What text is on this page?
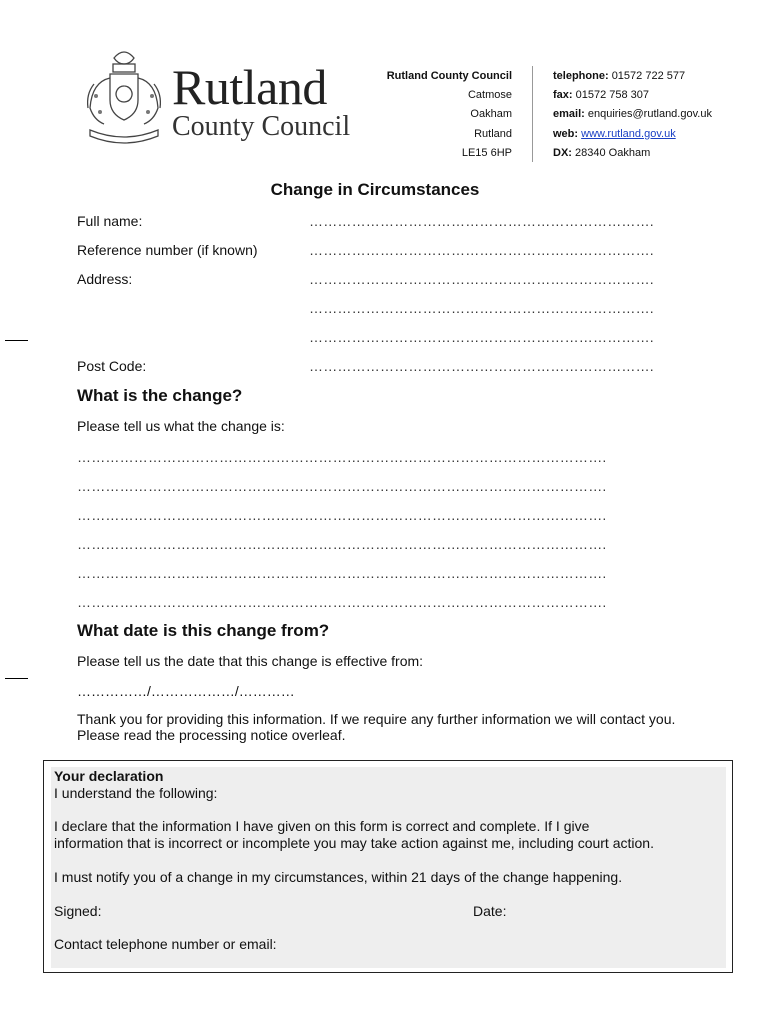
Rutland
County Council
Rutland County Council
Catmose
Oakham
Rutland
LE15 6HP
telephone: 01572 722 577
fax: 01572 758 307
email: enquiries@rutland.gov.uk
web: www.rutland.gov.uk
DX: 28340 Oakham
Change in Circumstances
Full name:	……………………………………………………………….
Reference number (if known)	……………………………………………………………….
Address:	……………………………………………………………….
……………………………………………………………….
……………………………………………………………….
Post Code:	……………………………………………………………….
What is the change?
Please tell us what the change is:
………………………………………………………………………………………………….
………………………………………………………………………………………………….
………………………………………………………………………………………………….
………………………………………………………………………………………………….
………………………………………………………………………………………………….
………………………………………………………………………………………………….
What date is this change from?
Please tell us the date that this change is effective from:
……………/………………/…………
Thank you for providing this information. If we require any further information we will contact you. Please read the processing notice overleaf.
Your declaration
I understand the following:
I declare that the information I have given on this form is correct and complete. If I give
information that is incorrect or incomplete you may take action against me, including court action.
I must notify you of a change in my circumstances, within 21 days of the change happening.
Signed:	Date:
Contact telephone number or email:
